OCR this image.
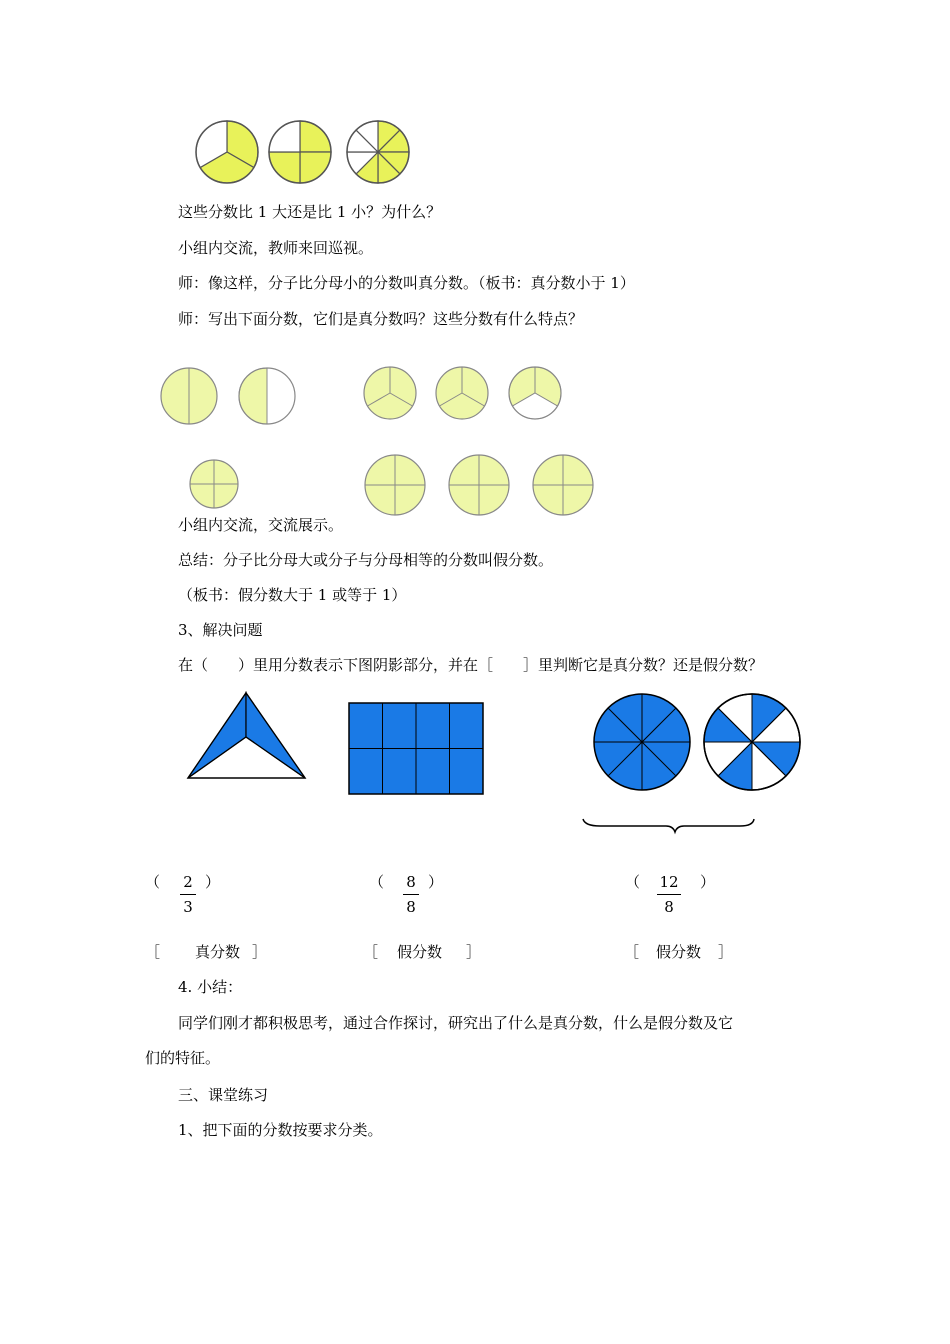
这些分数比 1 大还是比 1 小？为什么？
小组内交流，教师来回巡视。
师：像这样，分子比分母小的分数叫真分数。（板书：真分数小于 1）
师：写出下面分数，它们是真分数吗？这些分数有什么特点？
小组内交流，交流展示。
总结：分子比分母大或分子与分母相等的分数叫假分数。
（板书：假分数大于 1 或等于 1）
3、解决问题
在（　　）里用分数表示下图阴影部分，并在［　　］里判断它是真分数？还是假分数？
（	2
3
）	（	8
8
）	（	12
8
）
［ 真分数 ］	［ 假分数 ］	［ 假分数 ］
4. 小结：
同学们刚才都积极思考，通过合作探讨，研究出了什么是真分数，什么是假分数及它
们的特征。
三、课堂练习
1、把下面的分数按要求分类。
